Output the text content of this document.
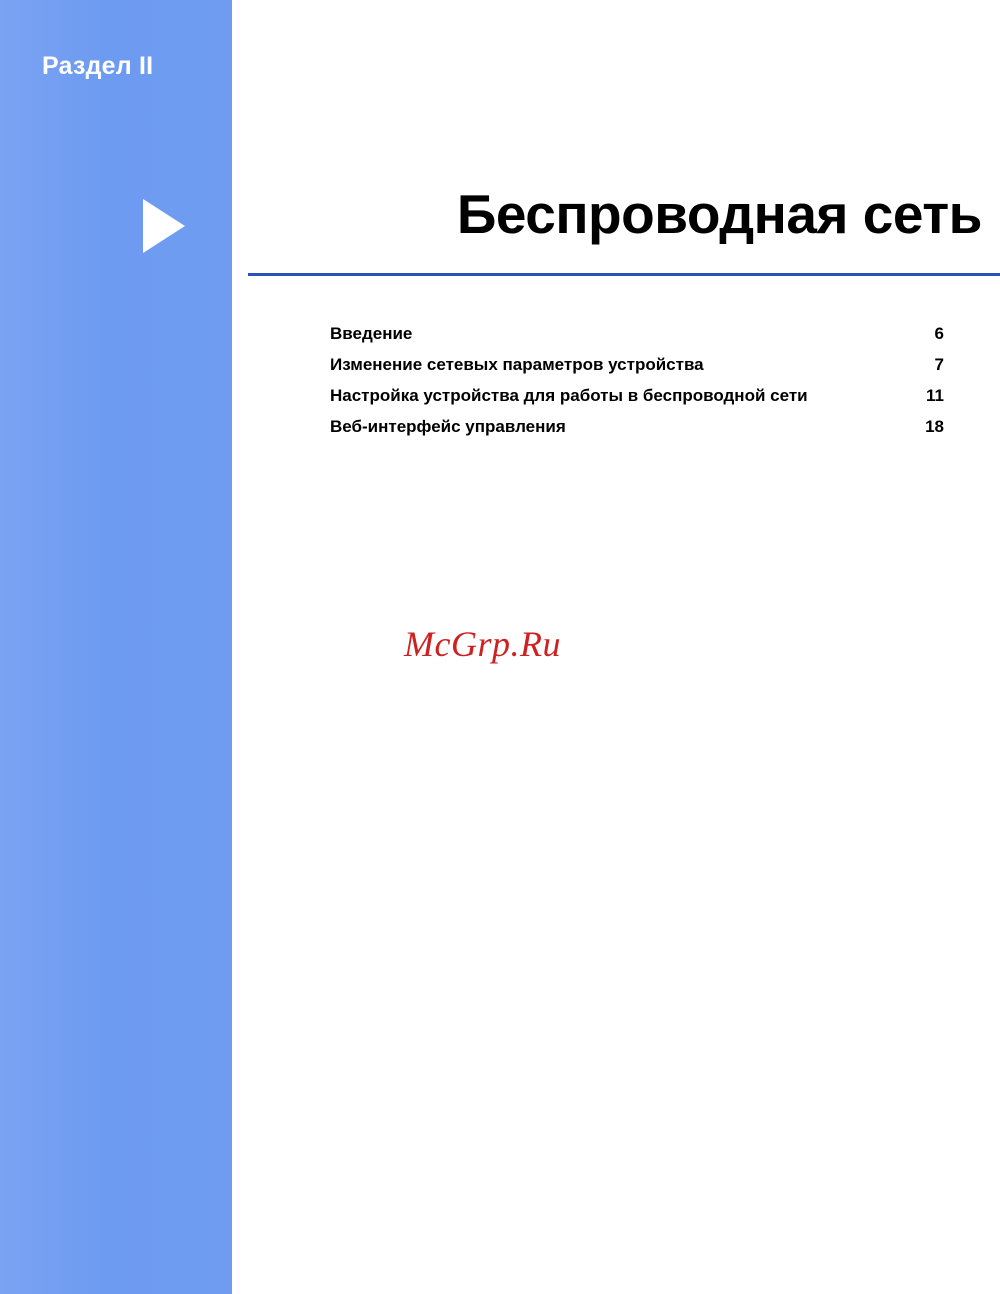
Раздел II
Беспроводная сеть
Введение	6
Изменение сетевых параметров устройства	7
Настройка устройства для работы в беспроводной сети	11
Веб-интерфейс управления	18
McGrp.Ru
